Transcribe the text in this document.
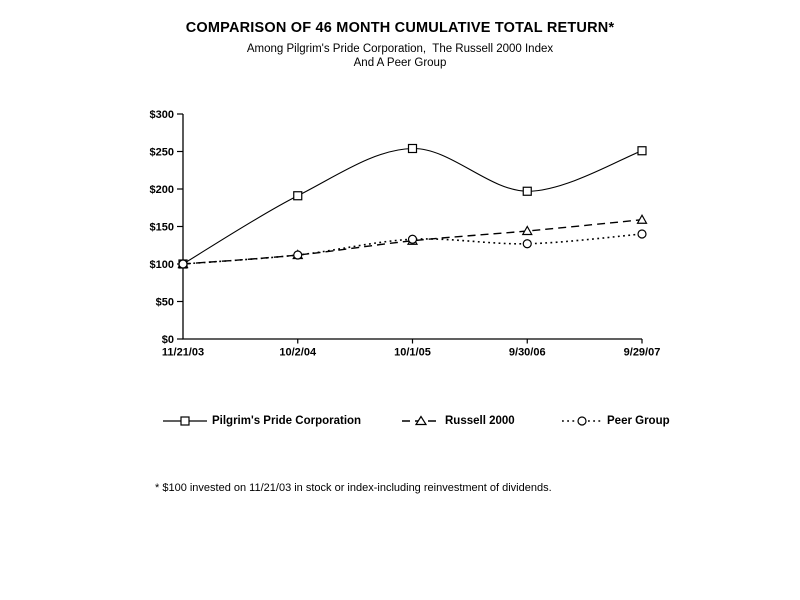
COMPARISON OF 46 MONTH CUMULATIVE TOTAL RETURN*
Among Pilgrim's Pride Corporation,  The Russell 2000 Index
And A Peer Group
$0
$50
$100
$150
$200
$250
$300
11/21/03	10/2/04	10/1/05	9/30/06	9/29/07
Pilgrim's Pride Corporation	Russell 2000	Peer Group
* $100 invested on 11/21/03 in stock or index-including reinvestment of dividends.
